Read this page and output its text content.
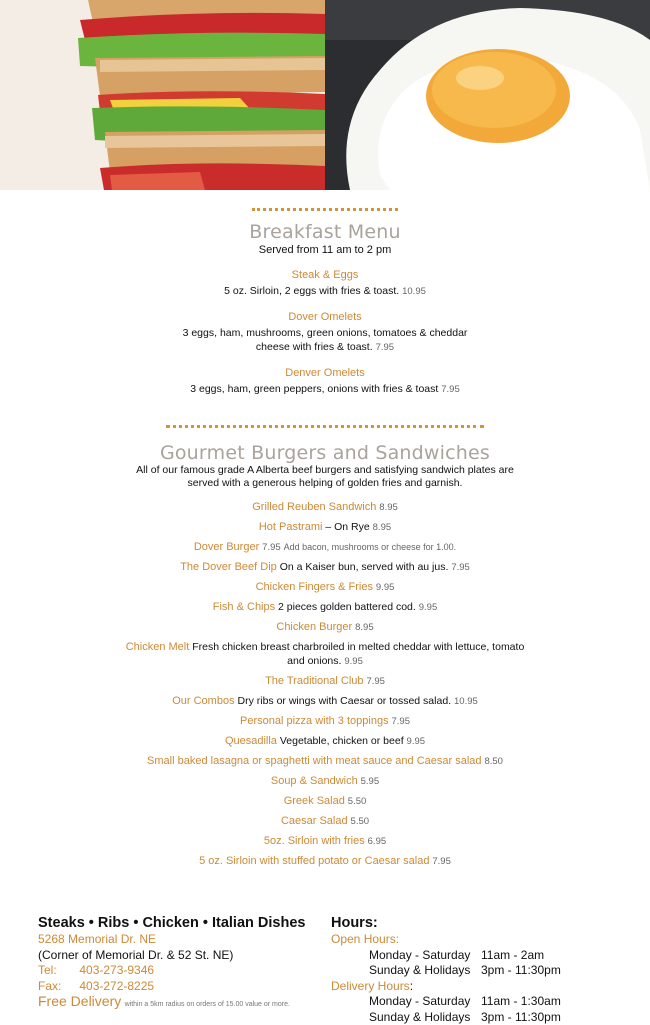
Breakfast Menu
Served from 11 am to 2 pm
Steak & Eggs
5 oz. Sirloin, 2 eggs with fries & toast. 10.95
Dover Omelets
3 eggs, ham, mushrooms, green onions, tomatoes & cheddar cheese with fries & toast. 7.95
Denver Omelets
3 eggs, ham, green peppers, onions with fries & toast 7.95
Gourmet Burgers and Sandwiches
All of our famous grade A Alberta beef burgers and satisfying sandwich plates are served with a generous helping of golden fries and garnish.
Grilled Reuben Sandwich 8.95
Hot Pastrami – On Rye 8.95
Dover Burger 7.95 Add bacon, mushrooms or cheese for 1.00.
The Dover Beef Dip On a Kaiser bun, served with au jus. 7.95
Chicken Fingers & Fries 9.95
Fish & Chips 2 pieces golden battered cod. 9.95
Chicken Burger 8.95
Chicken Melt Fresh chicken breast charbroiled in melted cheddar with lettuce, tomato and onions. 9.95
The Traditional Club 7.95
Our Combos Dry ribs or wings with Caesar or tossed salad. 10.95
Personal pizza with 3 toppings 7.95
Quesadilla Vegetable, chicken or beef 9.95
Small baked lasagna or spaghetti with meat sauce and Caesar salad 8.50
Soup & Sandwich 5.95
Greek Salad 5.50
Caesar Salad 5.50
5oz. Sirloin with fries 6.95
5 oz. Sirloin with stuffed potato or Caesar salad 7.95
Steaks • Ribs • Chicken • Italian Dishes
5268 Memorial Dr. NE
(Corner of Memorial Dr. & 52 St. NE)
Tel: 403-273-9346
Fax: 403-272-8225
Free Delivery within a 5km radius on orders of 15.00 value or more.
Hours:
Open Hours:
Monday - Saturday 11am - 2am
Sunday & Holidays 3pm - 11:30pm
Delivery Hours:
Monday - Saturday 11am - 1:30am
Sunday & Holidays 3pm - 11:30pm
